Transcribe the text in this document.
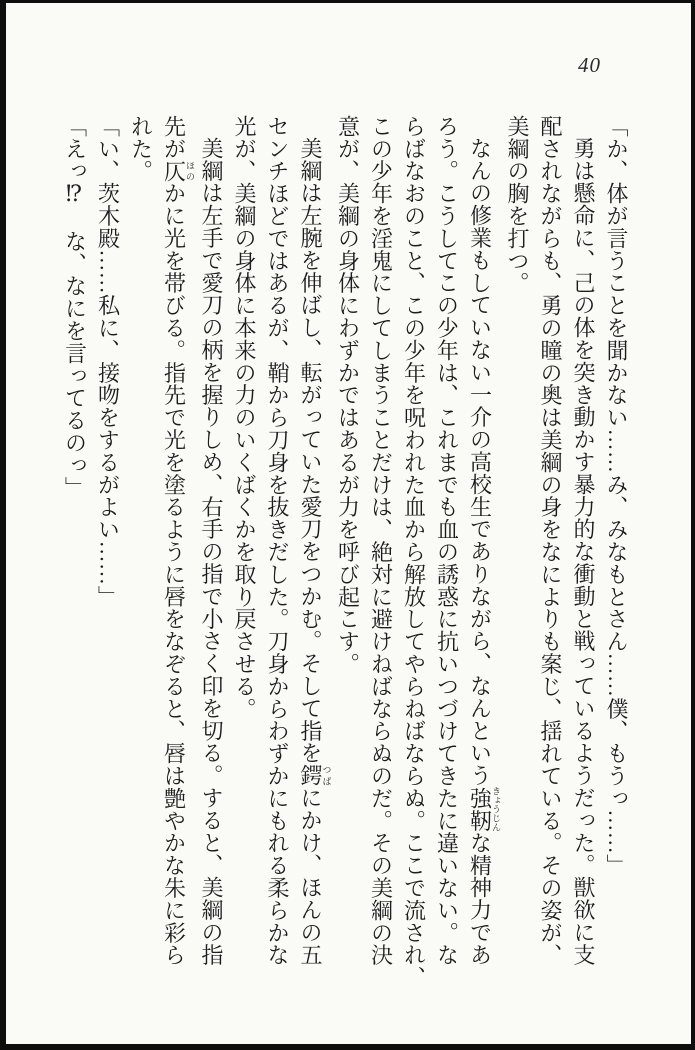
40
「か、体が言うことを聞かない……み、みなもとさん……僕、もうっ……」
勇は懸命に、己の体を突き動かす暴力的な衝動と戦っているようだった。獣欲に支
配されながらも、勇の瞳の奥は美綱の身をなによりも案じ、揺れている。その姿が、
美綱の胸を打つ。
なんの修業もしていない一介の高校生でありながら、なんという強靭きょうじんな精神力であ
ろう。こうしてこの少年は、これまでも血の誘惑に抗いつづけてきたに違いない。な
らばなおのこと、この少年を呪われた血から解放してやらねばならぬ。ここで流され、
この少年を淫鬼にしてしまうことだけは、絶対に避けねばならぬのだ。その美綱の決
意が、美綱の身体にわずかではあるが力を呼び起こす。
美綱は左腕を伸ばし、転がっていた愛刀をつかむ。そして指を鍔つばにかけ、ほんの五
センチほどではあるが、鞘から刀身を抜きだした。刀身からわずかにもれる柔らかな
光が、美綱の身体に本来の力のいくばくかを取り戻させる。
美綱は左手で愛刀の柄を握りしめ、右手の指で小さく印を切る。すると、美綱の指
先が仄ほのかに光を帯びる。指先で光を塗るように唇をなぞると、唇は艶やかな朱に彩ら
れた。
「い、茨木殿……私に、接吻をするがよい……」
「えっ⁉　な、なにを言ってるのっ」
